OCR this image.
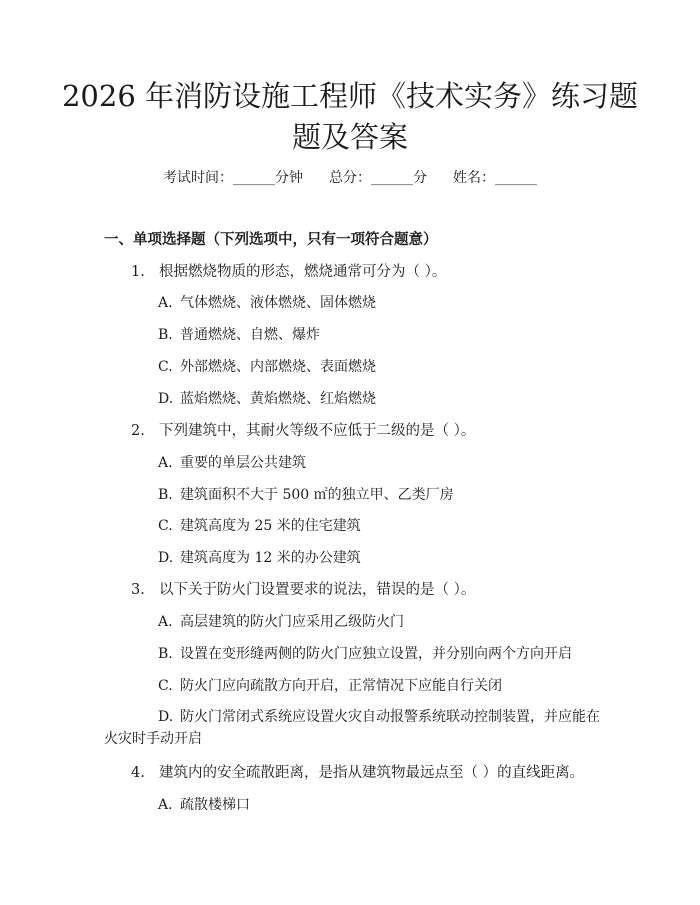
2026 年消防设施工程师《技术实务》练习题
题及答案
考试时间：______分钟 总分：______分 姓名：______
一、单项选择题（下列选项中，只有一项符合题意）
1. 根据燃烧物质的形态，燃烧通常可分为（ ）。
A. 气体燃烧、液体燃烧、固体燃烧
B. 普通燃烧、自燃、爆炸
C. 外部燃烧、内部燃烧、表面燃烧
D. 蓝焰燃烧、黄焰燃烧、红焰燃烧
2. 下列建筑中，其耐火等级不应低于二级的是（ ）。
A. 重要的单层公共建筑
B. 建筑面积不大于 500 ㎡的独立甲、乙类厂房
C. 建筑高度为 25 米的住宅建筑
D. 建筑高度为 12 米的办公建筑
3. 以下关于防火门设置要求的说法，错误的是（ ）。
A. 高层建筑的防火门应采用乙级防火门
B. 设置在变形缝两侧的防火门应独立设置，并分别向两个方向开启
C. 防火门应向疏散方向开启，正常情况下应能自行关闭
D. 防火门常闭式系统应设置火灾自动报警系统联动控制装置，并应能在
火灾时手动开启
4. 建筑内的安全疏散距离，是指从建筑物最远点至（ ）的直线距离。
A. 疏散楼梯口
